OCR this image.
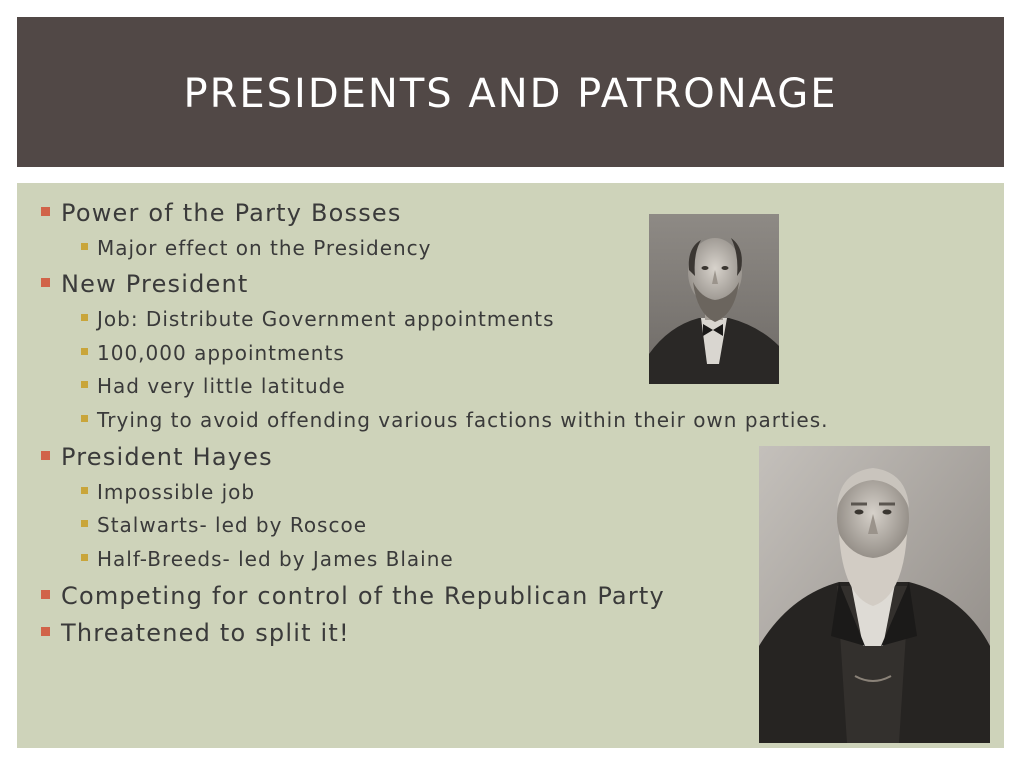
PRESIDENTS AND PATRONAGE
Power of the Party Bosses
Major effect on the Presidency
New President
Job: Distribute Government appointments
100,000 appointments
Had very little latitude
Trying to avoid offending various factions within their own parties.
President Hayes
Impossible job
Stalwarts- led by Roscoe
Half-Breeds- led by James Blaine
Competing for control of the Republican Party
Threatened to split it!
